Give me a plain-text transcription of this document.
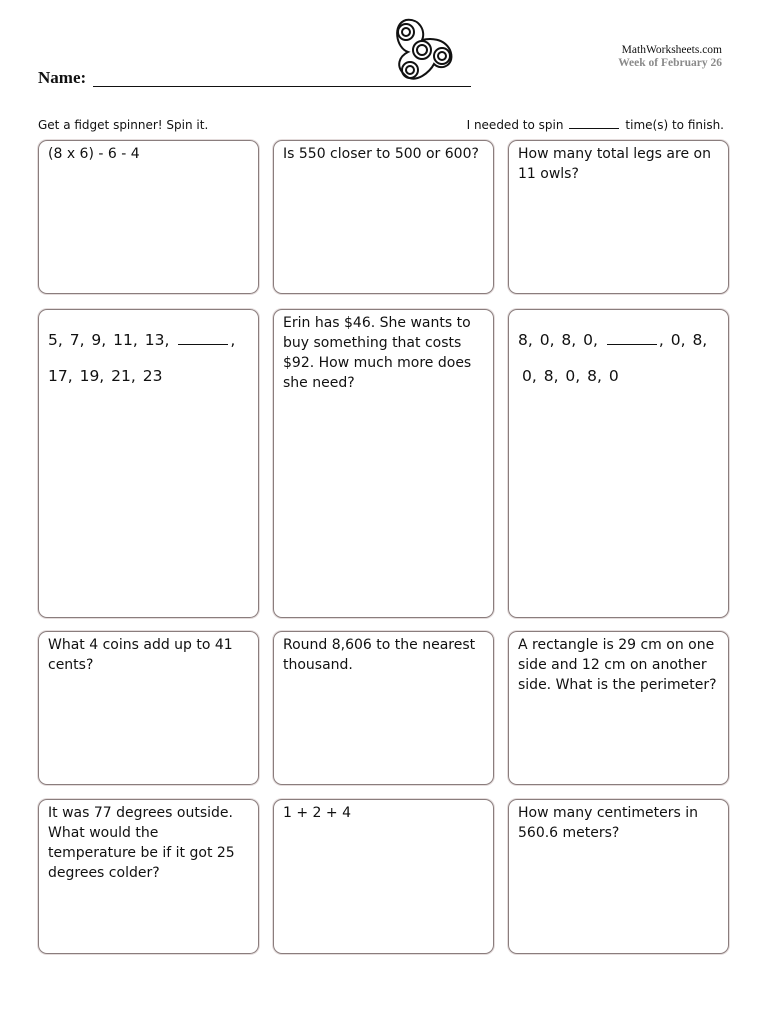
Name:
MathWorksheets.com
Week of February 26
Get a fidget spinner! Spin it.	I needed to spin	time(s) to finish.
(8 x 6) - 6 - 4	Is 550 closer to 500 or 600?	How many total legs are on 11 owls?
5, 7, 9, 11, 13,	,
17, 19, 21, 23
Erin has $46. She wants to buy something that costs $92. How much more does she need?
8, 0, 8, 0,	, 0, 8,
0, 8, 0, 8, 0
What 4 coins add up to 41 cents?
Round 8,606 to the nearest thousand.
A rectangle is 29 cm on one side and 12 cm on another side. What is the perimeter?
It was 77 degrees outside. What would the temperature be if it got 25 degrees colder?
1 + 2 + 4	How many centimeters in 560.6 meters?
